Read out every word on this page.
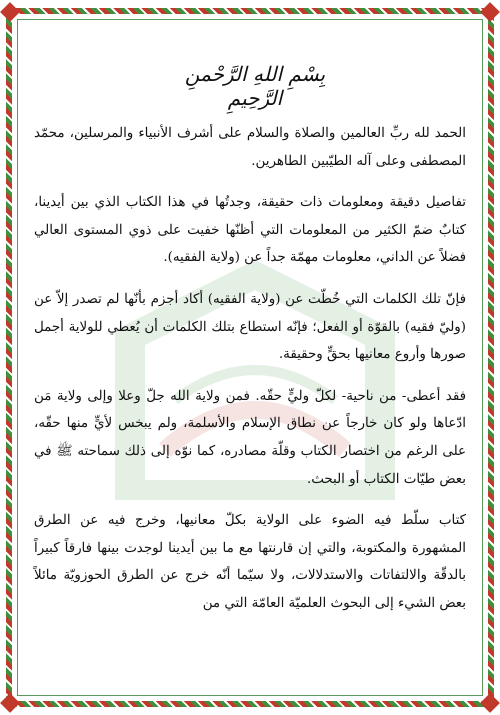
بِسْمِ اللهِ الرَّحْمنِ الرَّحِيمِ

الحمد لله ربِّ العالمين والصلاة والسلام على أشرف الأنبياء والمرسلين، محمّد المصطفى وعلى آله الطيّبين الطاهرين.

تفاصيل دقيقة ومعلومات ذات حقيقة، وجدتُها في هذا الكتاب الذي بين أيدينا، كتابٌ ضمّ الكثير من المعلومات التي أظنّها خفيت على ذوي المستوى العالي فضلاً عن الداني، معلومات مهمّة جداً عن (ولاية الفقيه).

فإنّ تلك الكلمات التي خُطّت عن (ولاية الفقيه) أكاد أجزم بأنّها لم تصدر إلاّ عن (وليّ فقيه) بالقوّة أو الفعل؛ فإنّه استطاع بتلك الكلمات أن يُعطي للولاية أجمل صورها وأروع معانيها بحقٍّ وحقيقة.

فقد أعطى- من ناحية- لكلّ وليٍّ حقّه. فمن ولاية الله جلّ وعلا وإلى ولاية مَن ادّعاها ولو كان خارجاً عن نطاق الإسلام والأسلمة، ولم يبخس لأيٍّ منها حقّه، على الرغم من اختصار الكتاب وقلّة مصادره، كما نوّه إلى ذلك سماحته ﷺ في بعض طيّات الكتاب أو البحث.

كتاب سلّط فيه الضوء على الولاية بكلّ معانيها، وخرج فيه عن الطرق المشهورة والمكتوبة، والتي إن قارنتها مع ما بين أيدينا لوجدت بينها فارقاً كبيراً بالدقّة والالتفاتات والاستدلالات، ولا سيّما أنّه خرج عن الطرق الحوزويّة مائلاً بعض الشيء إلى البحوث العلميّة العامّة التي من
